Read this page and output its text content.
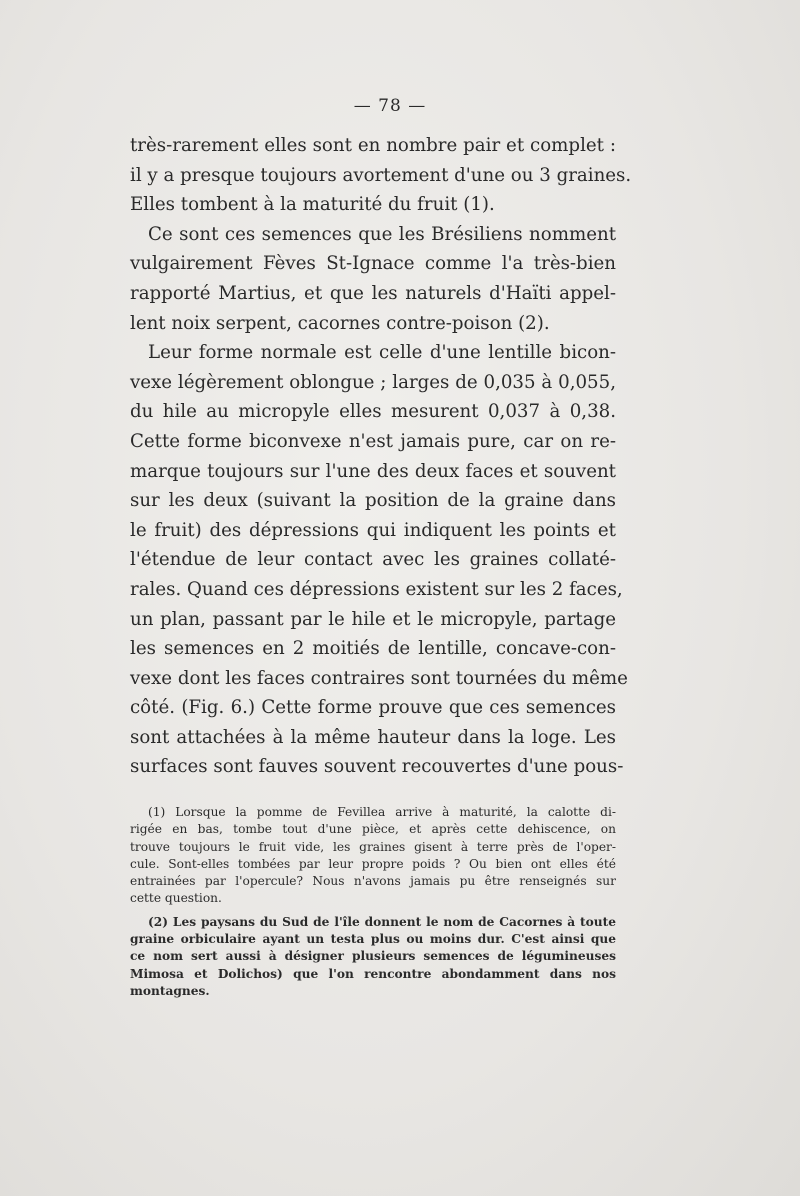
— 78 —
très-rarement elles sont en nombre pair et complet :
il y a presque toujours avortement d'une ou 3 graines.
Elles tombent à la maturité du fruit (1).
Ce sont ces semences que les Brésiliens nomment
vulgairement Fèves St-Ignace comme l'a très-bien
rapporté Martius, et que les naturels d'Haïti appel-
lent noix serpent, cacornes contre-poison (2).
Leur forme normale est celle d'une lentille bicon-
vexe légèrement oblongue ; larges de 0,035 à 0,055,
du hile au micropyle elles mesurent 0,037 à 0,38.
Cette forme biconvexe n'est jamais pure, car on re-
marque toujours sur l'une des deux faces et souvent
sur les deux (suivant la position de la graine dans
le fruit) des dépressions qui indiquent les points et
l'étendue de leur contact avec les graines collaté-
rales. Quand ces dépressions existent sur les 2 faces,
un plan, passant par le hile et le micropyle, partage
les semences en 2 moitiés de lentille, concave-con-
vexe dont les faces contraires sont tournées du même
côté. (Fig. 6.) Cette forme prouve que ces semences
sont attachées à la même hauteur dans la loge. Les
surfaces sont fauves souvent recouvertes d'une pous-
(1) Lorsque la pomme de Fevillea arrive à maturité, la calotte di-
rigée en bas, tombe tout d'une pièce, et après cette dehiscence, on
trouve toujours le fruit vide, les graines gisent à terre près de l'oper-
cule. Sont-elles tombées par leur propre poids ? Ou bien ont elles été
entrainées par l'opercule? Nous n'avons jamais pu être renseignés sur
cette question.
(2) Les paysans du Sud de l'île donnent le nom de Cacornes à toute
graine orbiculaire ayant un testa plus ou moins dur. C'est ainsi que
ce nom sert aussi à désigner plusieurs semences de légumineuses
Mimosa et Dolichos) que l'on rencontre abondamment dans nos
montagnes.
